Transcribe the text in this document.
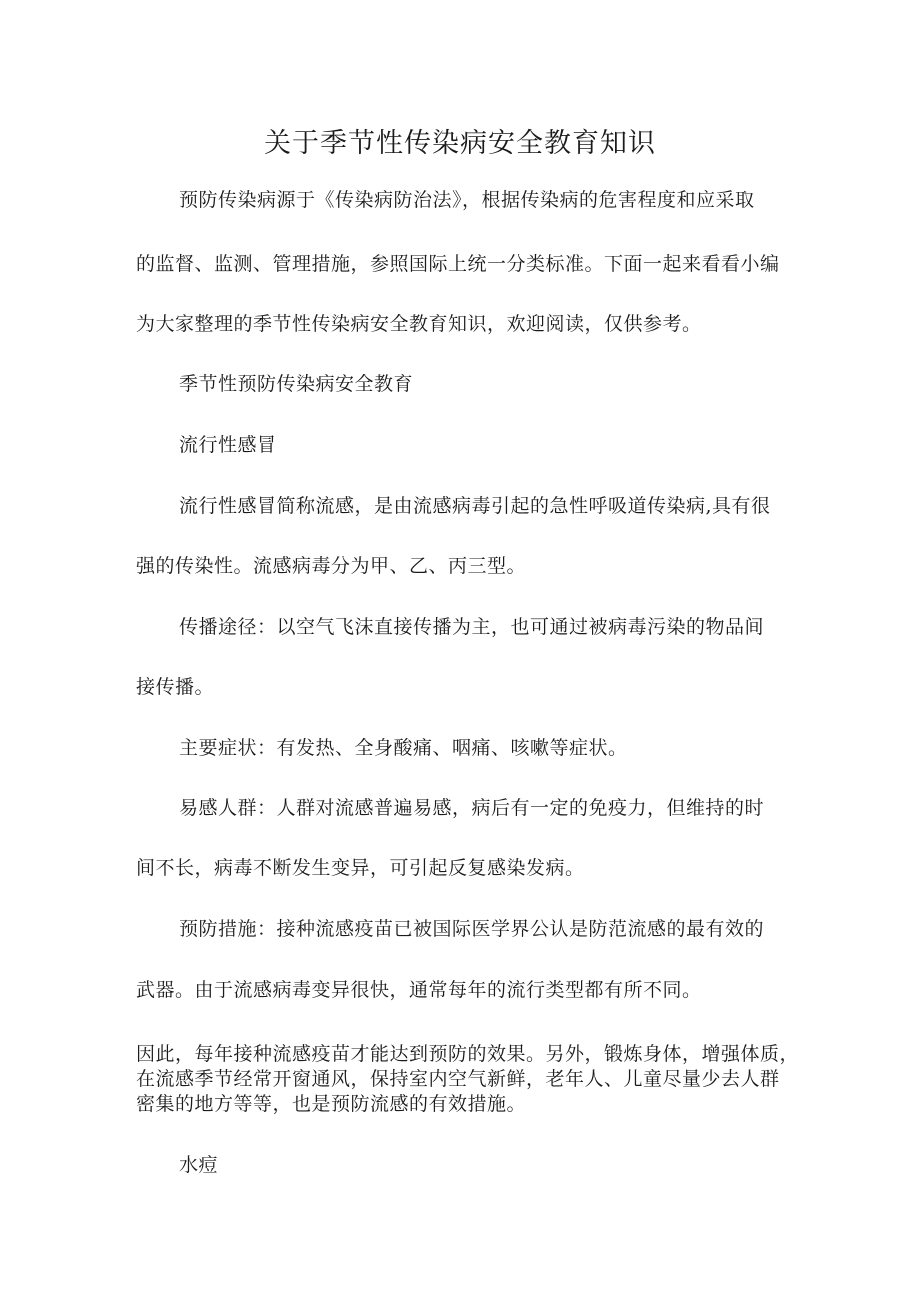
关于季节性传染病安全教育知识

预防传染病源于《传染病防治法》，根据传染病的危害程度和应采取

的监督、监测、管理措施，参照国际上统一分类标准。下面一起来看看小编

为大家整理的季节性传染病安全教育知识，欢迎阅读，仅供参考。

季节性预防传染病安全教育

流行性感冒

流行性感冒简称流感，是由流感病毒引起的急性呼吸道传染病,具有很

强的传染性。流感病毒分为甲、乙、丙三型。

传播途径：以空气飞沫直接传播为主，也可通过被病毒污染的物品间

接传播。

主要症状：有发热、全身酸痛、咽痛、咳嗽等症状。

易感人群：人群对流感普遍易感，病后有一定的免疫力，但维持的时

间不长，病毒不断发生变异，可引起反复感染发病。

预防措施：接种流感疫苗已被国际医学界公认是防范流感的最有效的

武器。由于流感病毒变异很快，通常每年的流行类型都有所不同。

因此，每年接种流感疫苗才能达到预防的效果。另外，锻炼身体，增强体质，
在流感季节经常开窗通风，保持室内空气新鲜，老年人、儿童尽量少去人群
密集的地方等等，也是预防流感的有效措施。

水痘
